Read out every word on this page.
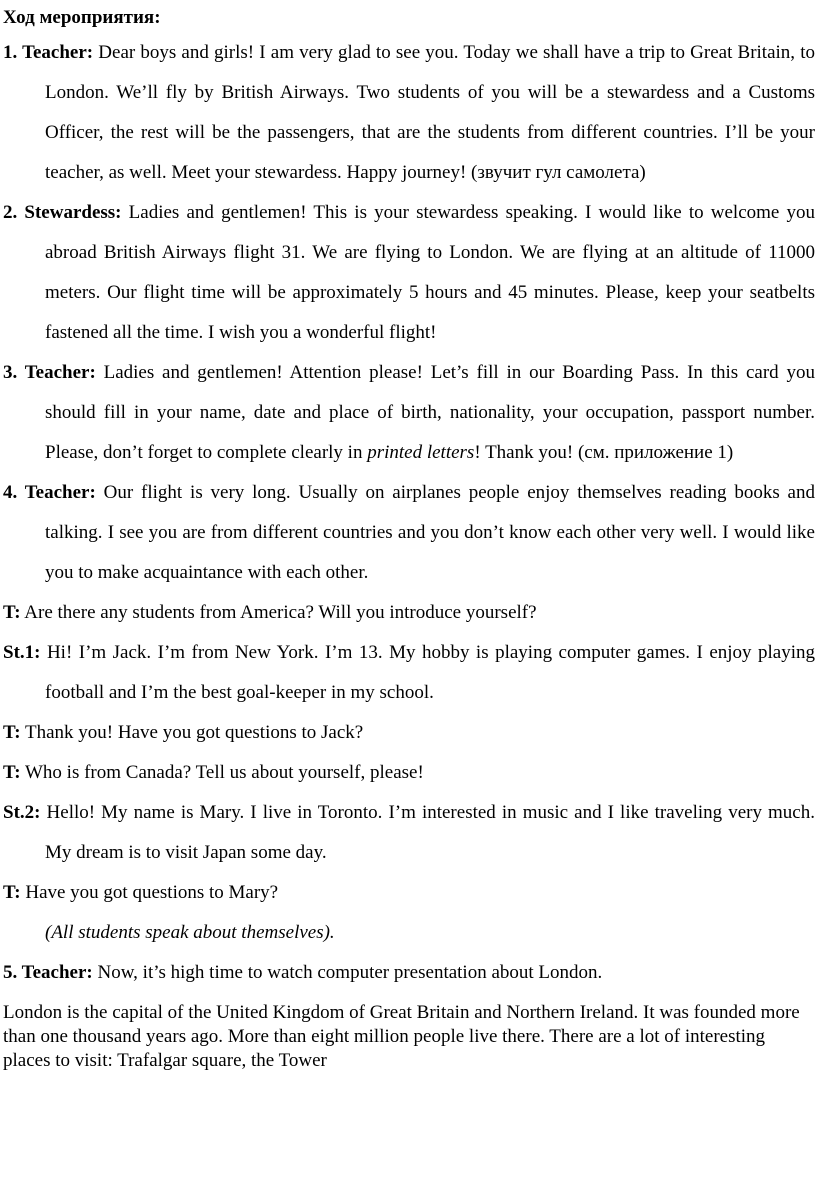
Ход мероприятия:

1. Teacher: Dear boys and girls! I am very glad to see you. Today we shall have a trip to Great Britain, to London. We’ll fly by British Airways. Two students of you will be a stewardess and a Customs Officer, the rest will be the passengers, that are the students from different countries. I’ll be your teacher, as well. Meet your stewardess. Happy journey! (звучит гул самолета)

2. Stewardess: Ladies and gentlemen! This is your stewardess speaking. I would like to welcome you abroad British Airways flight 31. We are flying to London. We are flying at an altitude of 11000 meters. Our flight time will be approximately 5 hours and 45 minutes. Please, keep your seatbelts fastened all the time. I wish you a wonderful flight!

3. Teacher: Ladies and gentlemen! Attention please! Let’s fill in our Boarding Pass. In this card you should fill in your name, date and place of birth, nationality, your occupation, passport number. Please, don’t forget to complete clearly in printed letters! Thank you! (см. приложение 1)

4. Teacher: Our flight is very long. Usually on airplanes people enjoy themselves reading books and talking. I see you are from different countries and you don’t know each other very well. I would like you to make acquaintance with each other.

T: Are there any students from America? Will you introduce yourself?

St.1: Hi! I’m Jack. I’m from New York. I’m 13. My hobby is playing computer games. I enjoy playing football and I’m the best goal-keeper in my school.

T: Thank you! Have you got questions to Jack?

T: Who is from Canada? Tell us about yourself, please!

St.2: Hello! My name is Mary. I live in Toronto. I’m interested in music and I like traveling very much. My dream is to visit Japan some day.

T: Have you got questions to Mary?

(All students speak about themselves).

5. Teacher: Now, it’s high time to watch computer presentation about London.

London is the capital of the United Kingdom of Great Britain and Northern Ireland. It was founded more than one thousand years ago. More than eight million people live there. There are a lot of interesting places to visit: Trafalgar square, the Tower
